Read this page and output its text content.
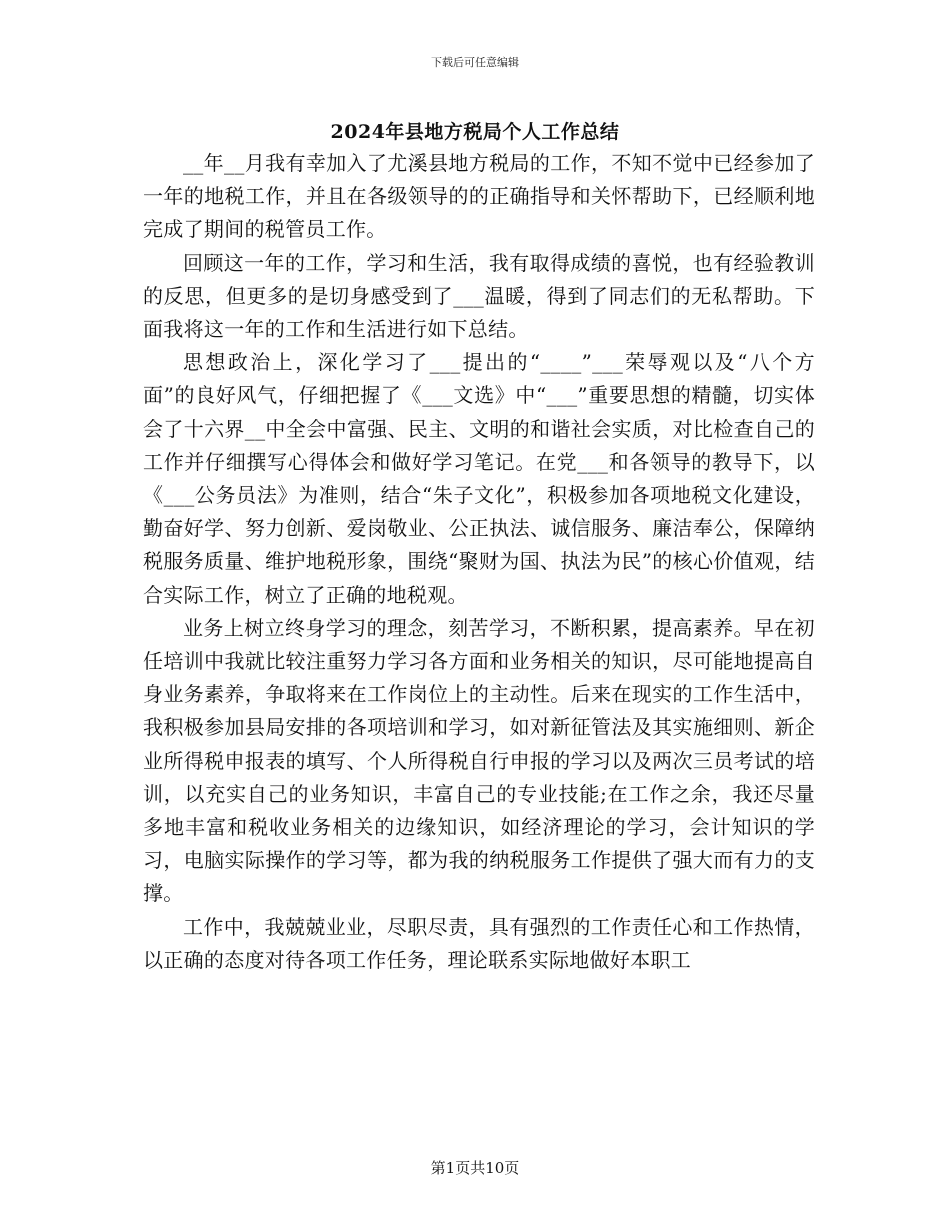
下载后可任意编辑
2024年县地方税局个人工作总结

__年__月我有幸加入了尤溪县地方税局的工作，不知不觉中已经参加了一年的地税工作，并且在各级领导的的正确指导和关怀帮助下，已经顺利地完成了期间的税管员工作。

回顾这一年的工作，学习和生活，我有取得成绩的喜悦，也有经验教训的反思，但更多的是切身感受到了___温暖，得到了同志们的无私帮助。下面我将这一年的工作和生活进行如下总结。

思想政治上，深化学习了___提出的“____”___荣辱观以及“八个方面”的良好风气，仔细把握了《___文选》中“___”重要思想的精髓，切实体会了十六界__中全会中富强、民主、文明的和谐社会实质，对比检查自己的工作并仔细撰写心得体会和做好学习笔记。在党___和各领导的教导下，以《___公务员法》为准则，结合“朱子文化”，积极参加各项地税文化建设，勤奋好学、努力创新、爱岗敬业、公正执法、诚信服务、廉洁奉公，保障纳税服务质量、维护地税形象，围绕“聚财为国、执法为民”的核心价值观，结合实际工作，树立了正确的地税观。

业务上树立终身学习的理念，刻苦学习，不断积累，提高素养。早在初任培训中我就比较注重努力学习各方面和业务相关的知识，尽可能地提高自身业务素养，争取将来在工作岗位上的主动性。后来在现实的工作生活中，我积极参加县局安排的各项培训和学习，如对新征管法及其实施细则、新企业所得税申报表的填写、个人所得税自行申报的学习以及两次三员考试的培训，以充实自己的业务知识，丰富自己的专业技能;在工作之余，我还尽量多地丰富和税收业务相关的边缘知识，如经济理论的学习，会计知识的学习，电脑实际操作的学习等，都为我的纳税服务工作提供了强大而有力的支撑。

工作中，我兢兢业业，尽职尽责，具有强烈的工作责任心和工作热情，以正确的态度对待各项工作任务，理论联系实际地做好本职工

第1页共10页
